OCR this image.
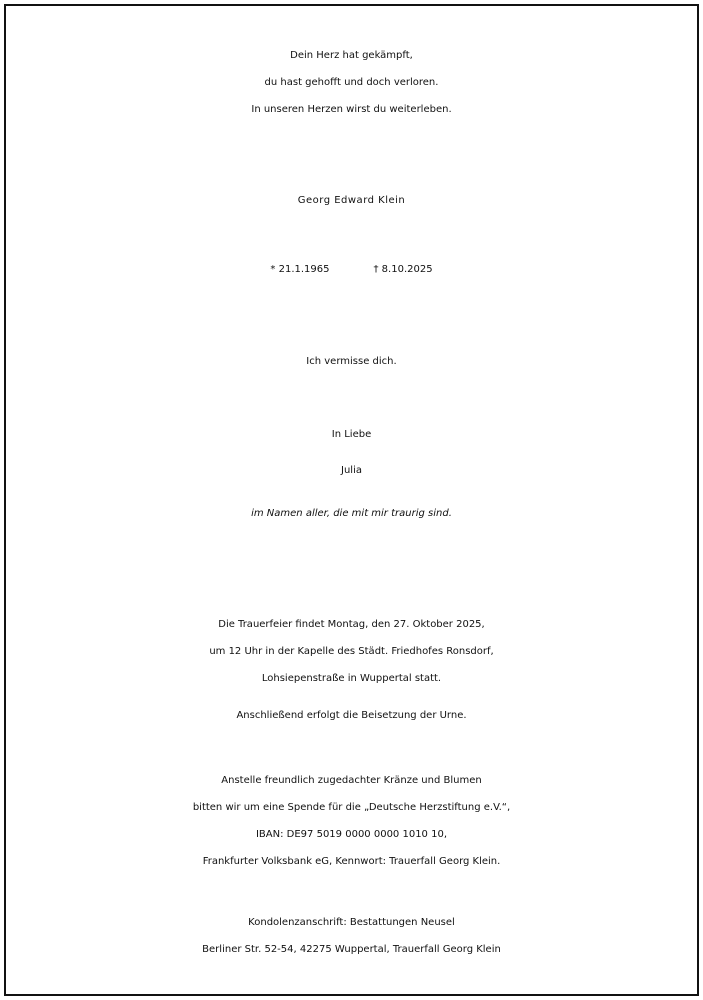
Dein Herz hat gekämpft,
du hast gehofft und doch verloren.
In unseren Herzen wirst du weiterleben.
Georg Edward Klein
* 21.1.1965	† 8.10.2025
Ich vermisse dich.
In Liebe
Julia
im Namen aller, die mit mir traurig sind.
Die Trauerfeier findet Montag, den 27. Oktober 2025,
um 12 Uhr in der Kapelle des Städt. Friedhofes Ronsdorf,
Lohsiepenstraße in Wuppertal statt.
Anschließend erfolgt die Beisetzung der Urne.
Anstelle freundlich zugedachter Kränze und Blumen
bitten wir um eine Spende für die „Deutsche Herzstiftung e.V.“,
IBAN: DE97 5019 0000 0000 1010 10,
Frankfurter Volksbank eG, Kennwort: Trauerfall Georg Klein.
Kondolenzanschrift: Bestattungen Neusel
Berliner Str. 52-54, 42275 Wuppertal, Trauerfall Georg Klein
